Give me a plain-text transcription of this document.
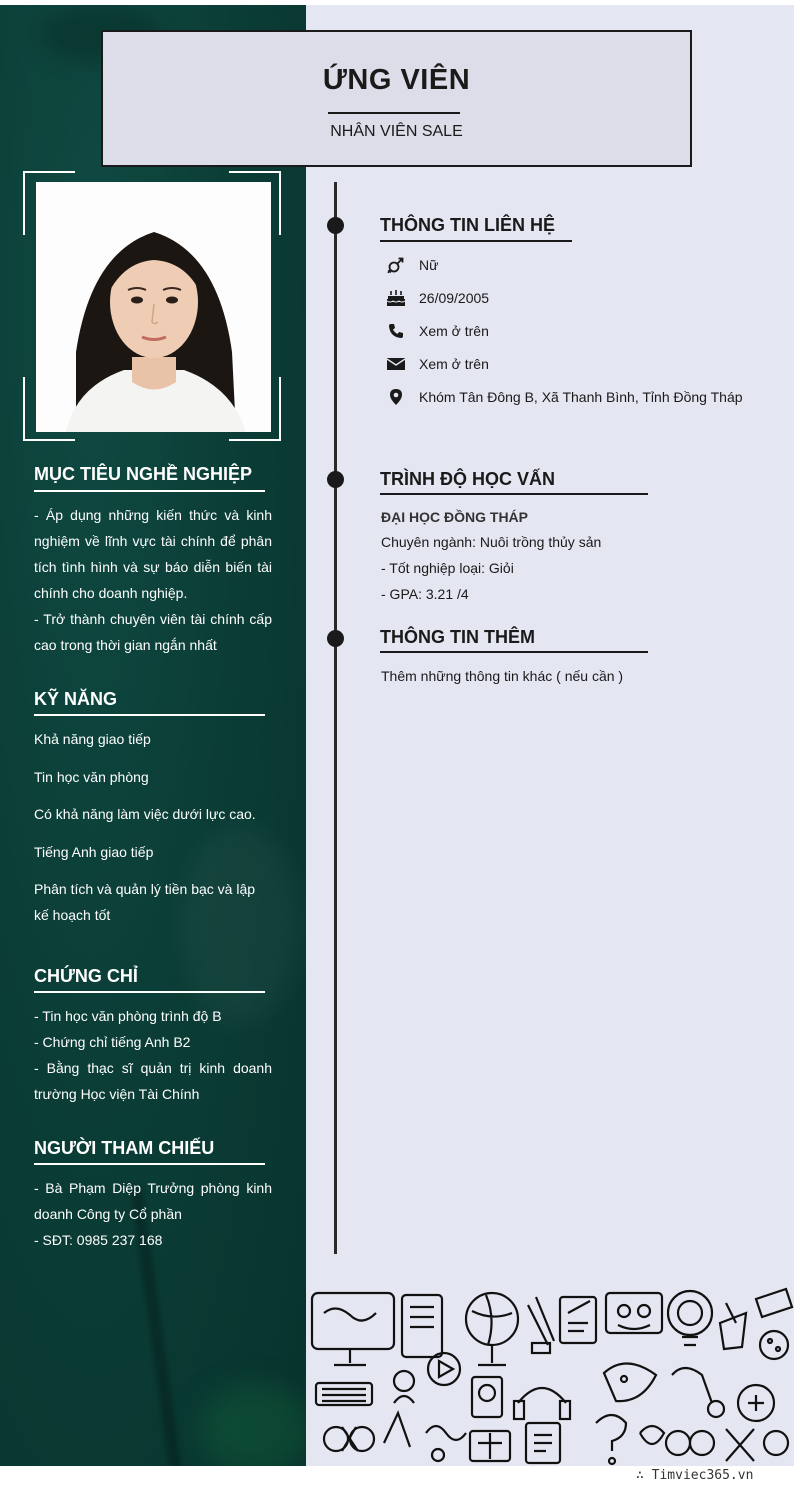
ỨNG VIÊN
NHÂN VIÊN SALE
MỤC TIÊU NGHỀ NGHIỆP
- Áp dụng những kiến thức và kinh nghiệm về lĩnh vực tài chính để phân tích tình hình và sự báo diễn biến tài chính cho doanh nghiệp.
- Trở thành chuyên viên tài chính cấp cao trong thời gian ngắn nhất
KỸ NĂNG
Khả năng giao tiếp
Tin học văn phòng
Có khả năng làm việc dưới lực cao.
Tiếng Anh giao tiếp
Phân tích và quản lý tiền bạc và lập kế hoạch tốt
CHỨNG CHỈ
- Tin học văn phòng trình độ B
- Chứng chỉ tiếng Anh B2
- Bằng thạc sĩ quản trị kinh doanh trường Học viện Tài Chính
NGƯỜI THAM CHIẾU
- Bà Phạm Diệp Trưởng phòng kinh doanh Công ty Cổ phần
- SĐT: 0985 237 168
THÔNG TIN LIÊN HỆ
Nữ
26/09/2005
Xem ở trên
Xem ở trên
Khóm Tân Đông B, Xã Thanh Bình, Tỉnh Đồng Tháp
TRÌNH ĐỘ HỌC VẤN
ĐẠI HỌC ĐỒNG THÁP
Chuyên ngành: Nuôi trồng thủy sản
- Tốt nghiệp loại: Giỏi
- GPA: 3.21 /4
THÔNG TIN THÊM
Thêm những thông tin khác ( nếu cần )
∴ Timviec365.vn
